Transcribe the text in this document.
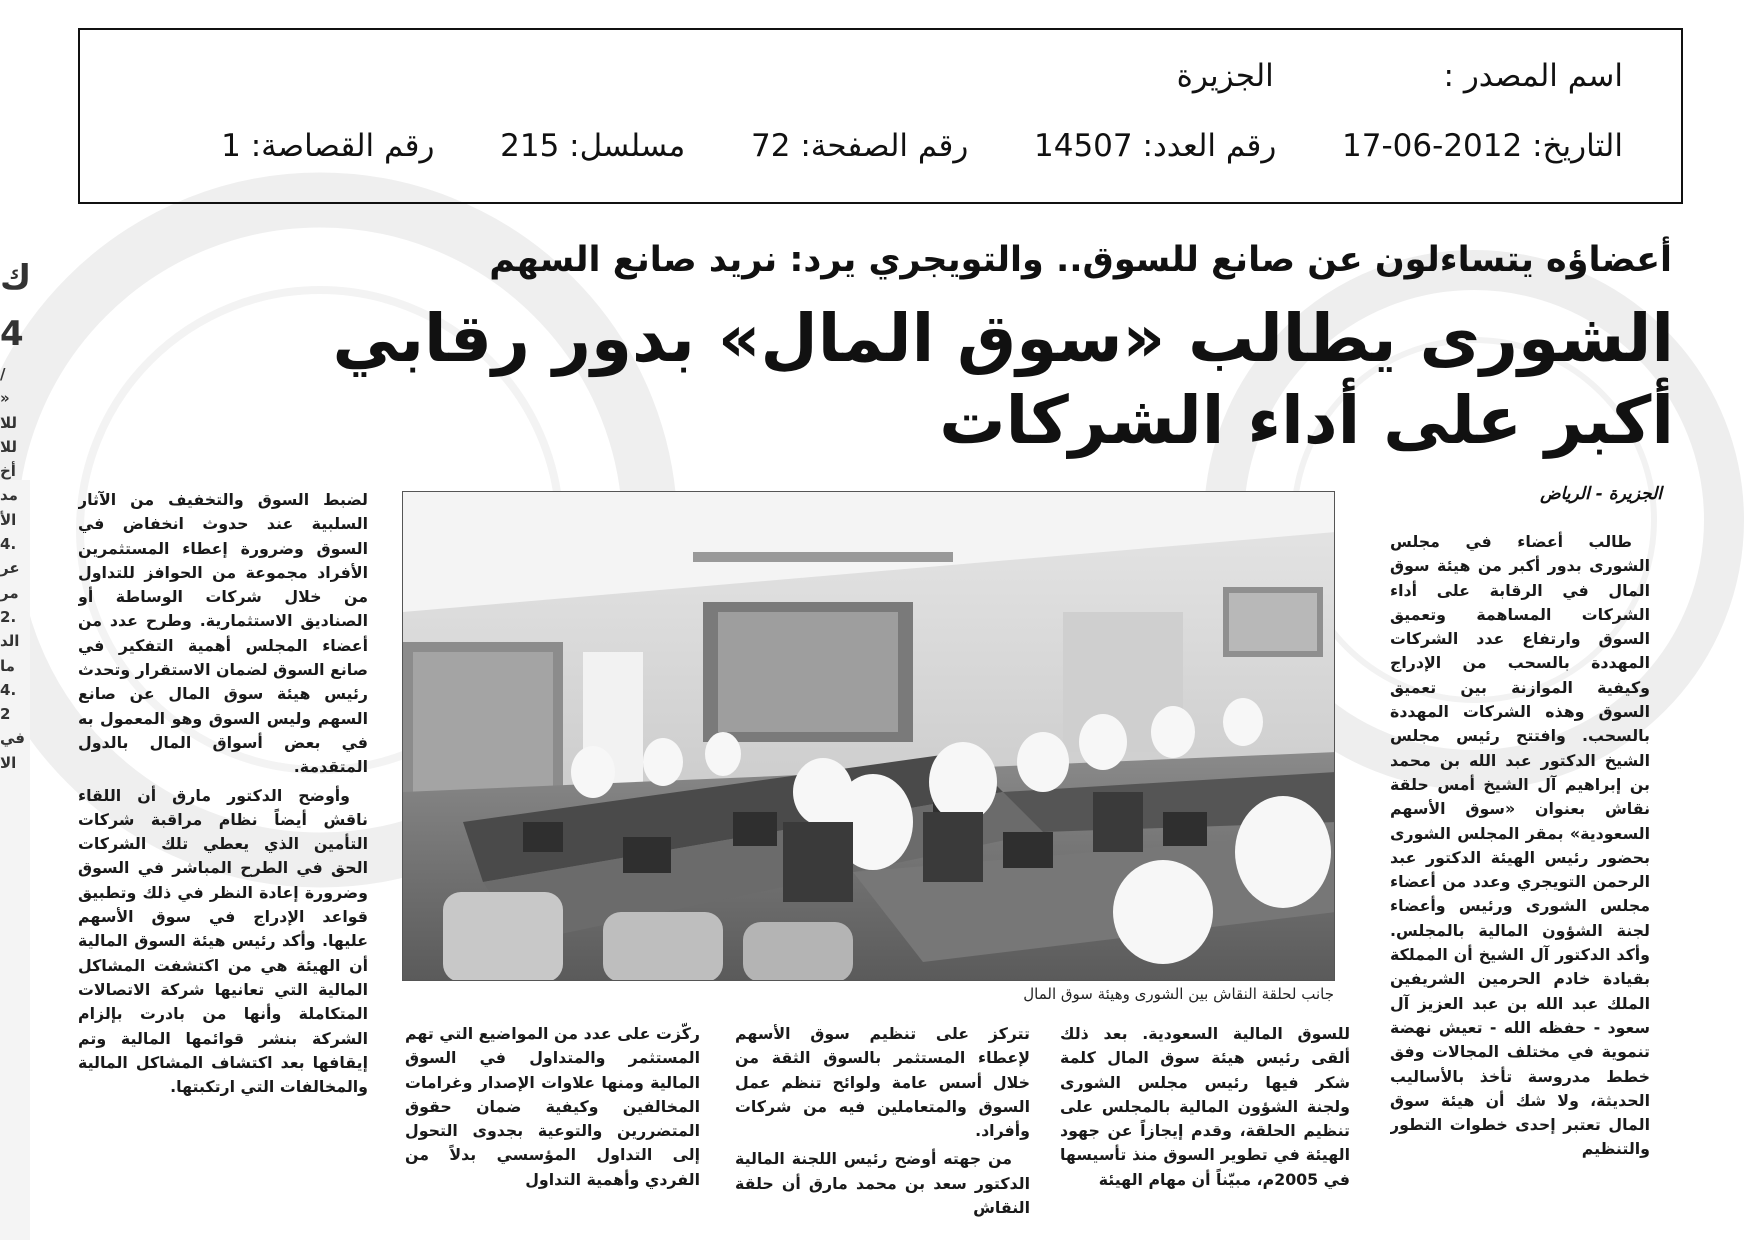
اسم المصدر :  الجزيرة
التاريخ: 2012-06-17  رقم العدد: 14507  رقم الصفحة: 72  مسلسل: 215  رقم القصاصة: 1
ك
4
/
«
للا
للا
أخ
مد
الأ
.4
عر
مر
.2
الد
ما
.4
2
في
الا
أعضاؤه يتساءلون عن صانع للسوق.. والتويجري يرد: نريد صانع السهم
الشورى يطالب «سوق المال» بدور رقابي
أكبر على أداء الشركات
الجزيرة - الرياض
جانب لحلقة النقاش بين الشورى وهيئة سوق المال

طالب أعضاء في مجلس الشورى بدور أكبر من هيئة سوق المال في الرقابة على أداء الشركات المساهمة وتعميق السوق وارتفاع عدد الشركات المهددة بالسحب من الإدراج وكيفية الموازنة بين تعميق السوق وهذه الشركات المهددة بالسحب. وافتتح رئيس مجلس الشيخ الدكتور عبد الله بن محمد بن إبراهيم آل الشيخ أمس حلقة نقاش بعنوان «سوق الأسهم السعودية» بمقر المجلس الشورى بحضور رئيس الهيئة الدكتور عبد الرحمن التويجري وعدد من أعضاء مجلس الشورى ورئيس وأعضاء لجنة الشؤون المالية بالمجلس. وأكد الدكتور آل الشيخ أن المملكة بقيادة خادم الحرمين الشريفين الملك عبد الله بن عبد العزيز آل سعود - حفظه الله - تعيش نهضة تنموية في مختلف المجالات وفق خطط مدروسة تأخذ بالأساليب الحديثة، ولا شك أن هيئة سوق المال تعتبر إحدى خطوات التطور والتنظيم

للسوق المالية السعودية. بعد ذلك ألقى رئيس هيئة سوق المال كلمة شكر فيها رئيس مجلس الشورى ولجنة الشؤون المالية بالمجلس على تنظيم الحلقة، وقدم إيجازاً عن جهود الهيئة في تطوير السوق منذ تأسيسها في 2005م، مبيّناً أن مهام الهيئة

تتركز على تنظيم سوق الأسهم لإعطاء المستثمر بالسوق الثقة من خلال أسس عامة ولوائح تنظم عمل السوق والمتعاملين فيه من شركات وأفراد.

من جهته أوضح رئيس اللجنة المالية الدكتور سعد بن محمد مارق أن حلقة النقاش

ركّزت على عدد من المواضيع التي تهم المستثمر والمتداول في السوق المالية ومنها علاوات الإصدار وغرامات المخالفين وكيفية ضمان حقوق المتضررين والتوعية بجدوى التحول إلى التداول المؤسسي بدلاً من الفردي وأهمية التداول

لضبط السوق والتخفيف من الآثار السلبية عند حدوث انخفاض في السوق وضرورة إعطاء المستثمرين الأفراد مجموعة من الحوافز للتداول من خلال شركات الوساطة أو الصناديق الاستثمارية. وطرح عدد من أعضاء المجلس أهمية التفكير في صانع السوق لضمان الاستقرار وتحدث رئيس هيئة سوق المال عن صانع السهم وليس السوق وهو المعمول به في بعض أسواق المال بالدول المتقدمة.

وأوضح الدكتور مارق أن اللقاء ناقش أيضاً نظام مراقبة شركات التأمين الذي يعطي تلك الشركات الحق في الطرح المباشر في السوق وضرورة إعادة النظر في ذلك وتطبيق قواعد الإدراج في سوق الأسهم عليها. وأكد رئيس هيئة السوق المالية أن الهيئة هي من اكتشفت المشاكل المالية التي تعانيها شركة الاتصالات المتكاملة وأنها من بادرت بإلزام الشركة بنشر قوائمها المالية وتم إيقافها بعد اكتشاف المشاكل المالية والمخالفات التي ارتكبتها.
